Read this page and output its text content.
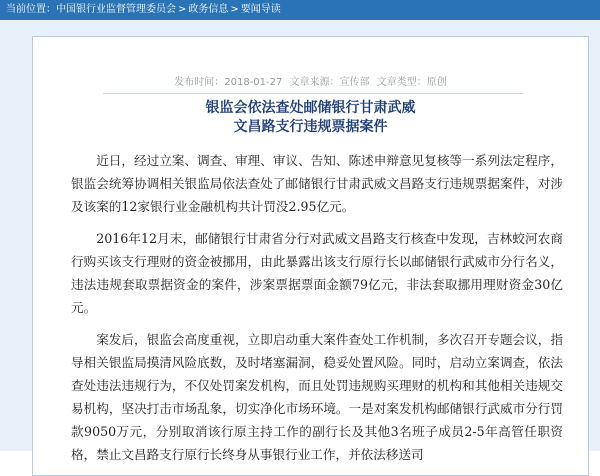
当前位置：中国银行业监督管理委员会 > 政务信息 > 要闻导读
发布时间：2018-01-27 文章来源：宣传部 文章类型：原创
银监会依法查处邮储银行甘肃武威
文昌路支行违规票据案件

近日，经过立案、调查、审理、审议、告知、陈述申辩意见复核等一系列法定程序，银监会统筹协调相关银监局依法查处了邮储银行甘肃武威文昌路支行违规票据案件，对涉及该案的12家银行业金融机构共计罚没2.95亿元。

2016年12月末，邮储银行甘肃省分行对武威文昌路支行核查中发现，吉林蛟河农商行购买该支行理财的资金被挪用，由此暴露出该支行原行长以邮储银行武威市分行名义，违法违规套取票据资金的案件，涉案票据票面金额79亿元，非法套取挪用理财资金30亿元。

案发后，银监会高度重视，立即启动重大案件查处工作机制，多次召开专题会议，指导相关银监局摸清风险底数，及时堵塞漏洞，稳妥处置风险。同时，启动立案调查，依法查处违法违规行为，不仅处罚案发机构，而且处罚违规购买理财的机构和其他相关违规交易机构，坚决打击市场乱象，切实净化市场环境。一是对案发机构邮储银行武威市分行罚款9050万元，分别取消该行原主持工作的副行长及其他3名班子成员2-5年高管任职资格，禁止文昌路支行原行长终身从事银行业工作，并依法移送司
